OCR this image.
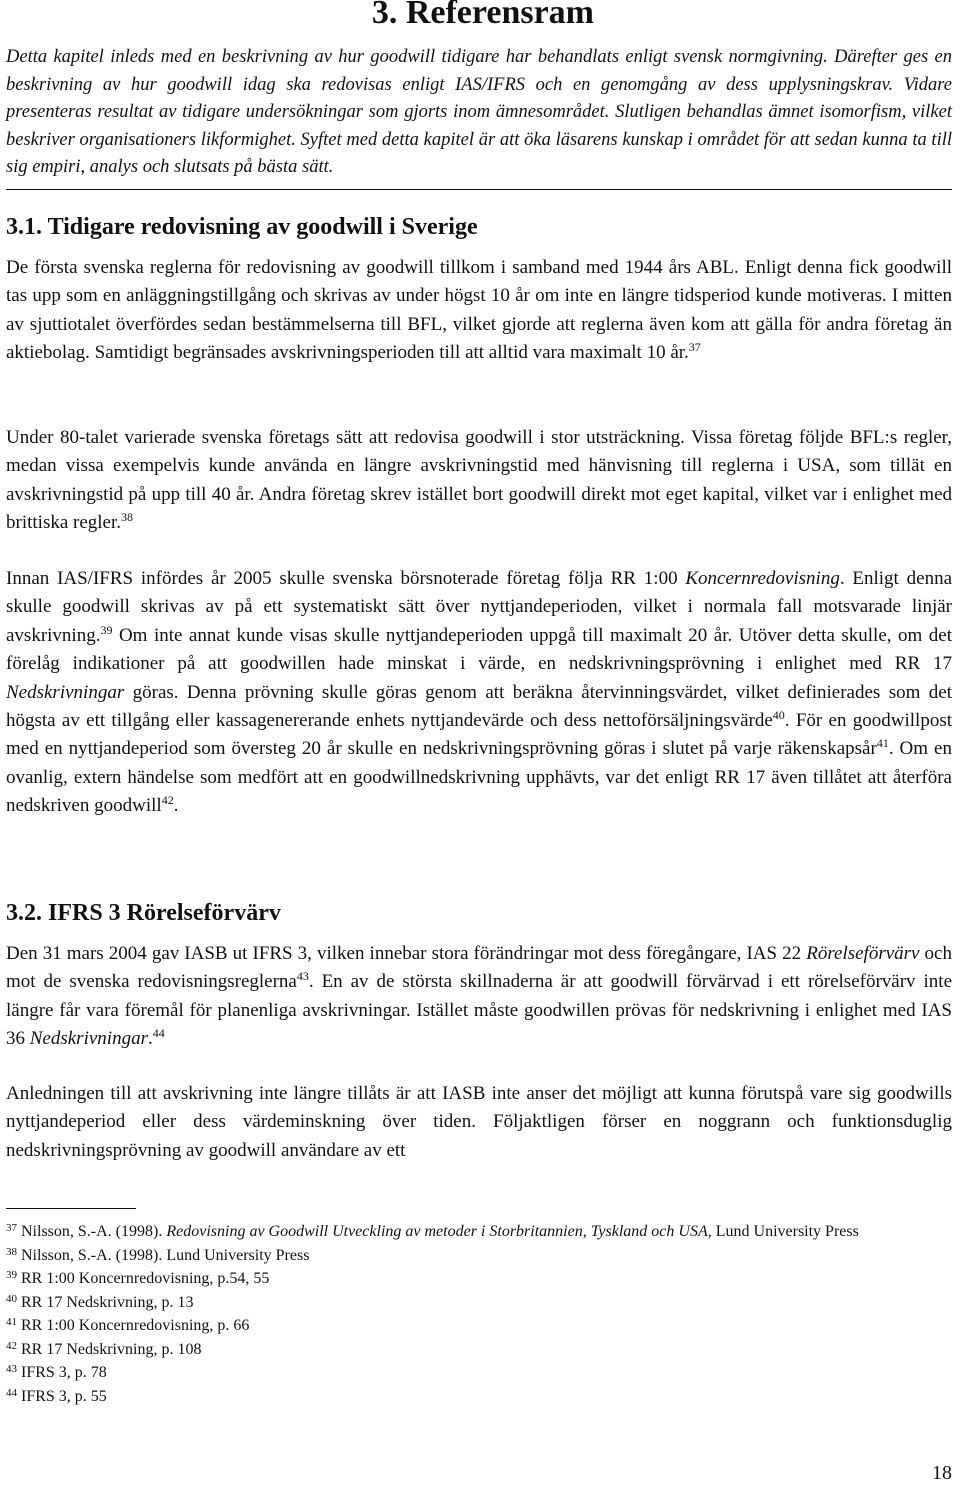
3. Referensram

Detta kapitel inleds med en beskrivning av hur goodwill tidigare har behandlats enligt svensk normgivning. Därefter ges en beskrivning av hur goodwill idag ska redovisas enligt IAS/IFRS och en genomgång av dess upplysningskrav. Vidare presenteras resultat av tidigare undersökningar som gjorts inom ämnesområdet. Slutligen behandlas ämnet isomorfism, vilket beskriver organisationers likformighet. Syftet med detta kapitel är att öka läsarens kunskap i området för att sedan kunna ta till sig empiri, analys och slutsats på bästa sätt.

3.1. Tidigare redovisning av goodwill i Sverige

De första svenska reglerna för redovisning av goodwill tillkom i samband med 1944 års ABL. Enligt denna fick goodwill tas upp som en anläggningstillgång och skrivas av under högst 10 år om inte en längre tidsperiod kunde motiveras. I mitten av sjuttiotalet överfördes sedan bestämmelserna till BFL, vilket gjorde att reglerna även kom att gälla för andra företag än aktiebolag. Samtidigt begränsades avskrivningsperioden till att alltid vara maximalt 10 år.$^{37}$

Under 80-talet varierade svenska företags sätt att redovisa goodwill i stor utsträckning. Vissa företag följde BFL:s regler, medan vissa exempelvis kunde använda en längre avskrivningstid med hänvisning till reglerna i USA, som tillät en avskrivningstid på upp till 40 år. Andra företag skrev istället bort goodwill direkt mot eget kapital, vilket var i enlighet med brittiska regler.$^{38}$

Innan IAS/IFRS infördes år 2005 skulle svenska börsnoterade företag följa RR 1:00 Koncernredovisning. Enligt denna skulle goodwill skrivas av på ett systematiskt sätt över nyttjandeperioden, vilket i normala fall motsvarade linjär avskrivning.$^{39}$ Om inte annat kunde visas skulle nyttjandeperioden uppgå till maximalt 20 år. Utöver detta skulle, om det förelåg indikationer på att goodwillen hade minskat i värde, en nedskrivningsprövning i enlighet med RR 17 Nedskrivningar göras. Denna prövning skulle göras genom att beräkna återvinningsvärdet, vilket definierades som det högsta av ett tillgång eller kassagenererande enhets nyttjandevärde och dess nettoförsäljningsvärde$^{40}$. För en goodwillpost med en nyttjandeperiod som översteg 20 år skulle en nedskrivningsprövning göras i slutet på varje räkenskapsår$^{41}$. Om en ovanlig, extern händelse som medfört att en goodwillnedskrivning upphävts, var det enligt RR 17 även tillåtet att återföra nedskriven goodwill$^{42}$.

3.2. IFRS 3 Rörelseförvärv

Den 31 mars 2004 gav IASB ut IFRS 3, vilken innebar stora förändringar mot dess föregångare, IAS 22 Rörelseförvärv och mot de svenska redovisningsreglerna$^{43}$. En av de största skillnaderna är att goodwill förvärvad i ett rörelseförvärv inte längre får vara föremål för planenliga avskrivningar. Istället måste goodwillen prövas för nedskrivning i enlighet med IAS 36 Nedskrivningar.$^{44}$

Anledningen till att avskrivning inte längre tillåts är att IASB inte anser det möjligt att kunna förutspå vare sig goodwills nyttjandeperiod eller dess värdeminskning över tiden. Följaktligen förser en noggrann och funktionsduglig nedskrivningsprövning av goodwill användare av ett

$^{37}$ Nilsson, S.-A. (1998). Redovisning av Goodwill Utveckling av metoder i Storbritannien, Tyskland och USA, Lund University Press
$^{38}$ Nilsson, S.-A. (1998). Lund University Press
$^{39}$ RR 1:00 Koncernredovisning, p.54, 55
$^{40}$ RR 17 Nedskrivning, p. 13
$^{41}$ RR 1:00 Koncernredovisning, p. 66
$^{42}$ RR 17 Nedskrivning, p. 108
$^{43}$ IFRS 3, p. 78
$^{44}$ IFRS 3, p. 55
18
